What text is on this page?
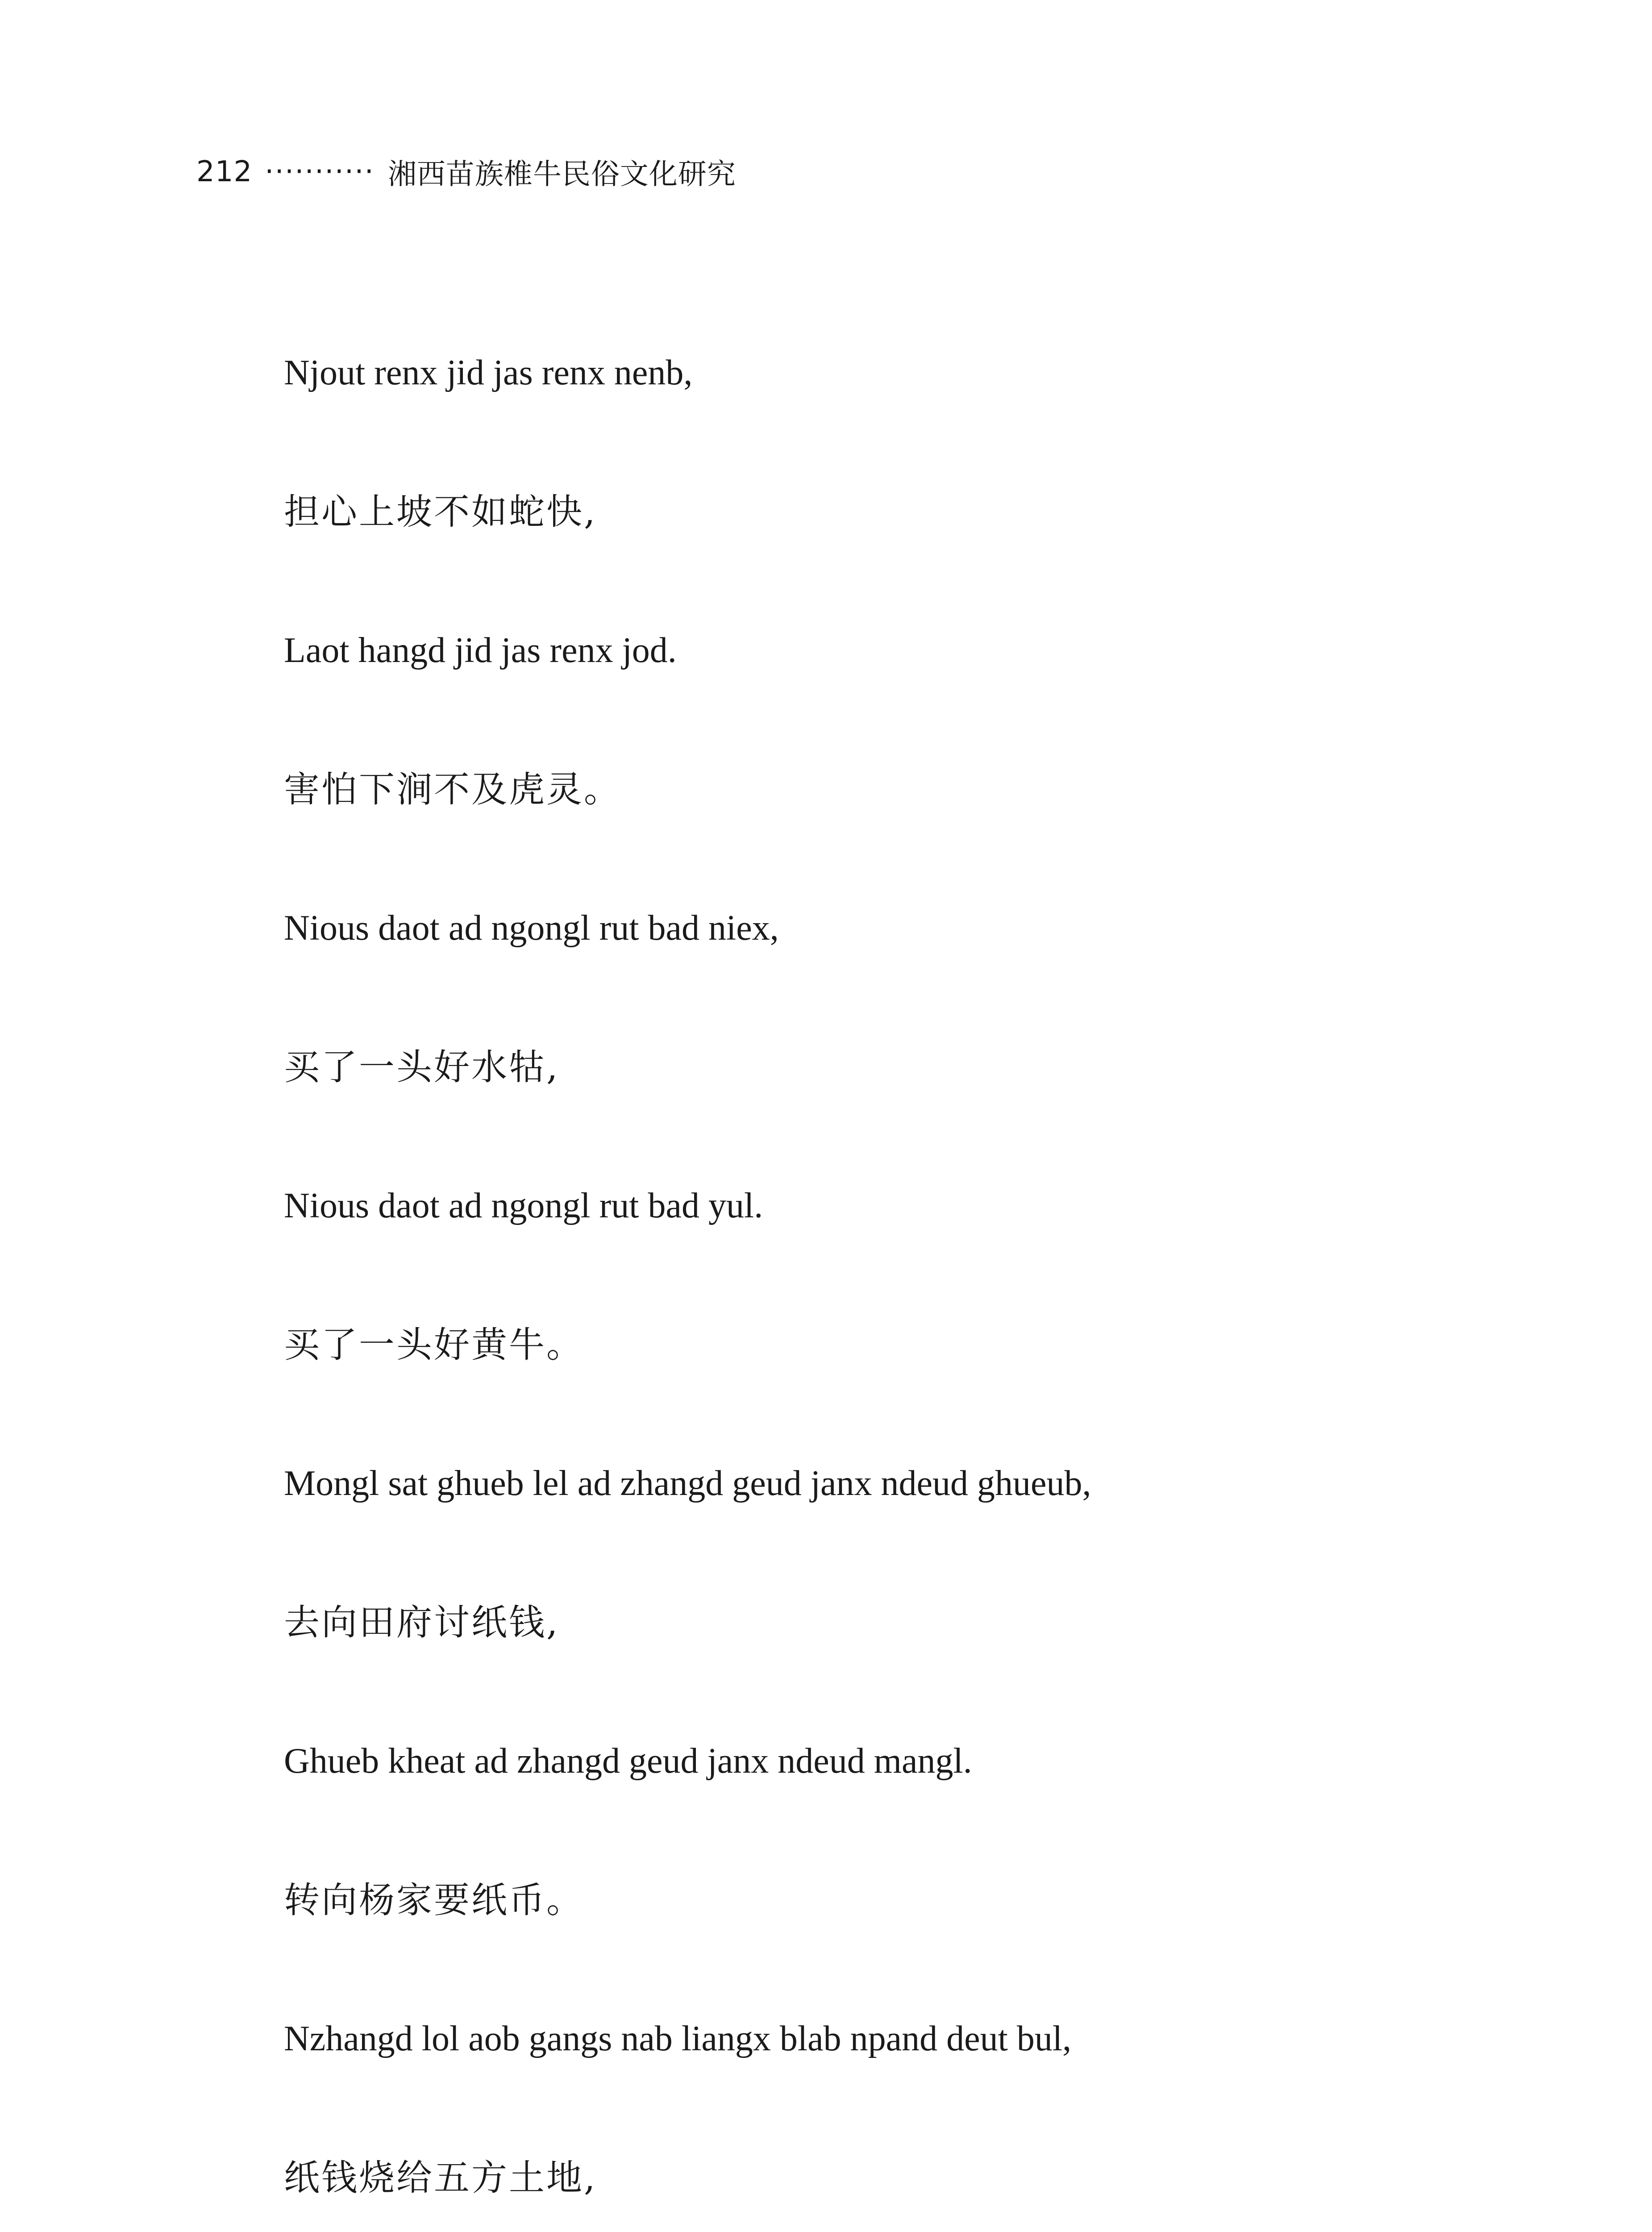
212 ··········· 湘西苗族椎牛民俗文化研究
Njout renx jid jas renx nenb,
担心上坡不如蛇快,
Laot hangd jid jas renx jod.
害怕下涧不及虎灵。
Nious daot ad ngongl rut bad niex,
买了一头好水牯,
Nious daot ad ngongl rut bad yul.
买了一头好黄牛。
Mongl sat ghueb lel ad zhangd geud janx ndeud ghueub,
去向田府讨纸钱,
Ghueb kheat ad zhangd geud janx ndeud mangl.
转向杨家要纸币。
Nzhangd lol aob gangs nab liangx blab npand deut bul,
纸钱烧给五方土地,
